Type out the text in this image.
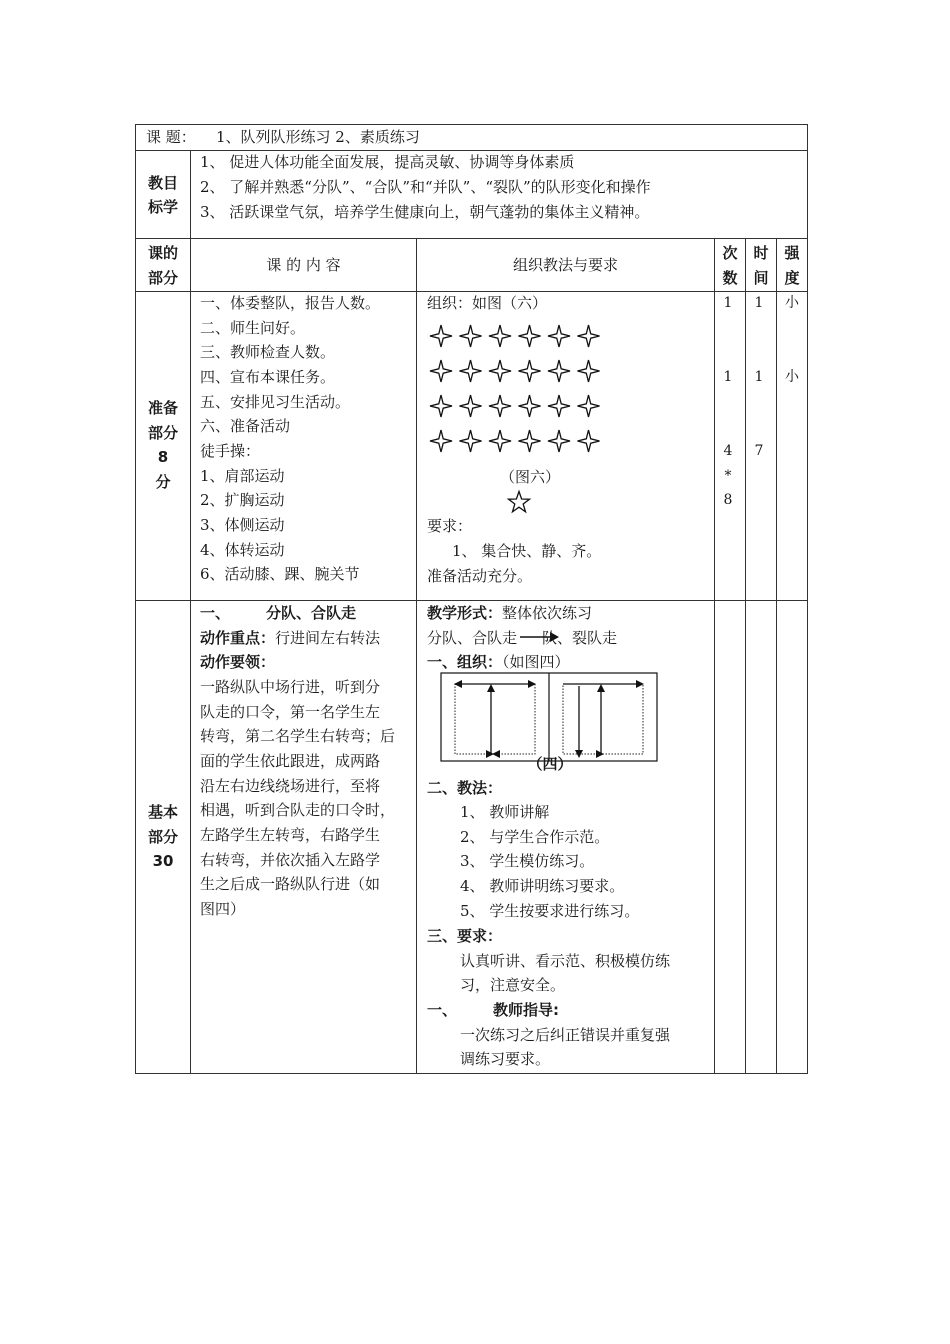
课 题： 1、队列队形练习 2、素质练习
教目
标学
1、 促进人体功能全面发展，提高灵敏、协调等身体素质
2、 了解并熟悉“分队”、“合队”和“并队”、“裂队”的队形变化和操作
3、 活跃课堂气氛，培养学生健康向上，朝气蓬勃的集体主义精神。
课的
部分
课 的 内 容	组织教法与要求
次
数
时
间
强
度
准备
部分
8
分
一、体委整队，报告人数。
二、师生问好。
三、教师检查人数。
四、宣布本课任务。
五、安排见习生活动。
六、准备活动
徒手操：
1、肩部运动
2、扩胸运动
3、体侧运动
4、体转运动
6、活动膝、踝、腕关节
组织：如图（六）
（图六）
要求：
1、 集合快、静、齐。
准备活动充分。
1
1
4
*
8
1
1
7
小
小
基本
部分
30
一、 分队、合队走
动作重点：行进间左右转法
动作要领：
一路纵队中场行进，听到分
队走的口令，第一名学生左
转弯，第二名学生右转弯；后
面的学生依此跟进，成两路
沿左右边线绕场进行，至将
相遇，听到合队走的口令时，
左路学生左转弯，右路学生
右转弯，并依次插入左路学
生之后成一路纵队行进（如
图四）
教学形式：整体依次练习
分队、合队走 队、裂队走
一、组织：（如图四）
（四）
二、教法：
1、 教师讲解
2、 与学生合作示范。
3、 学生模仿练习。
4、 教师讲明练习要求。
5、 学生按要求进行练习。
三、要求：
认真听讲、看示范、积极模仿练
习，注意安全。
一、 教师指导:
一次练习之后纠正错误并重复强
调练习要求。
